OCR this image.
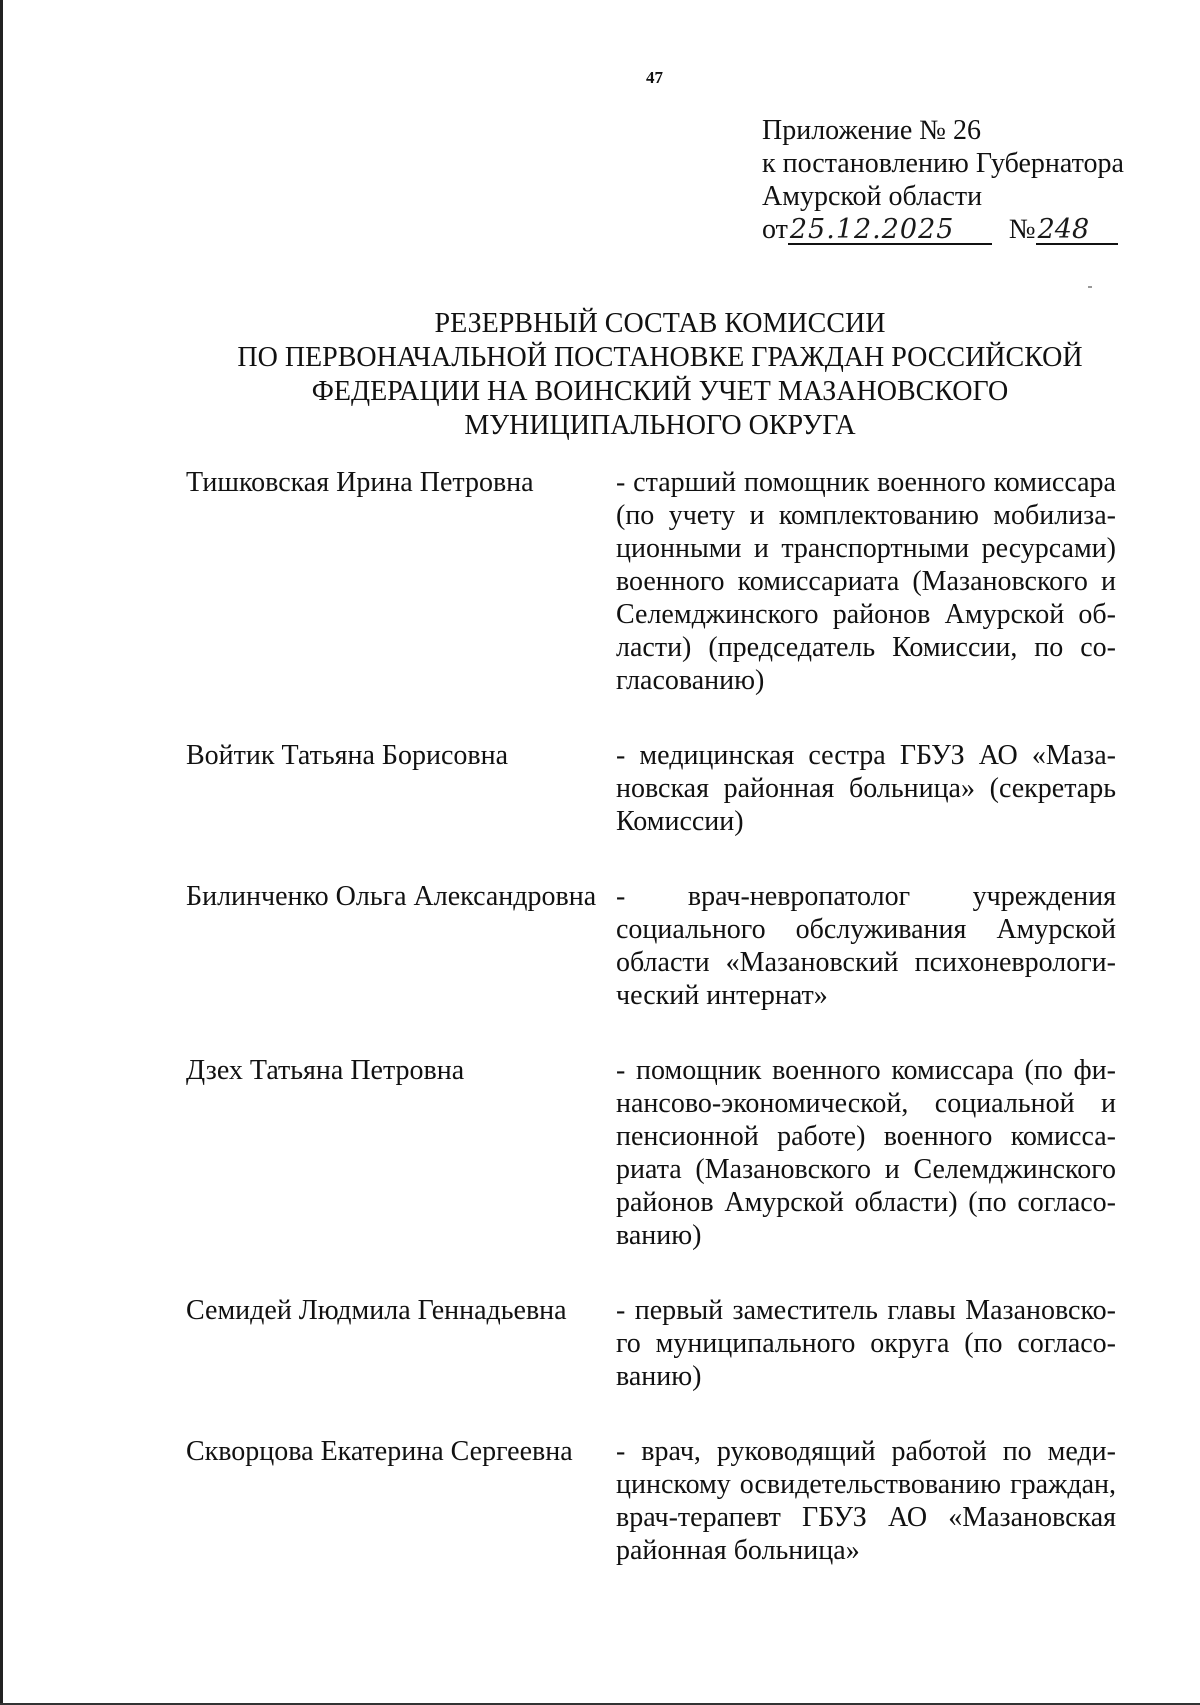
47
Приложение № 26
к постановлению Губернатора
Амурской области
от25.12.2025 №248
РЕЗЕРВНЫЙ СОСТАВ КОМИССИИ
ПО ПЕРВОНАЧАЛЬНОЙ ПОСТАНОВКЕ ГРАЖДАН РОССИЙСКОЙ
ФЕДЕРАЦИИ НА ВОИНСКИЙ УЧЕТ МАЗАНОВСКОГО
МУНИЦИПАЛЬНОГО ОКРУГА
Тишковская Ирина Петровна	- старший помощник военного комиссара (по учету и комплектованию мобилизационными и транспортными ресурсами) военного комиссариата (Мазановского и Селемджинского районов Амурской области) (председатель Комиссии, по согласованию)
Войтик Татьяна Борисовна	- медицинская сестра ГБУЗ АО «Мазановская районная больница» (секретарь Комиссии)
Билинченко Ольга Александровна - врач-невропатолог учреждения социального обслуживания Амурской области «Мазановский психоневрологический интернат»
Дзех Татьяна Петровна	- помощник военного комиссара (по финансово-экономической, социальной и пенсионной работе) военного комиссариата (Мазановского и Селемджинского районов Амурской области) (по согласованию)
Семидей Людмила Геннадьевна	- первый заместитель главы Мазановского муниципального округа (по согласованию)
Скворцова Екатерина Сергеевна	- врач, руководящий работой по медицинскому освидетельствованию граждан, врач-терапевт ГБУЗ АО «Мазановская районная больница»
